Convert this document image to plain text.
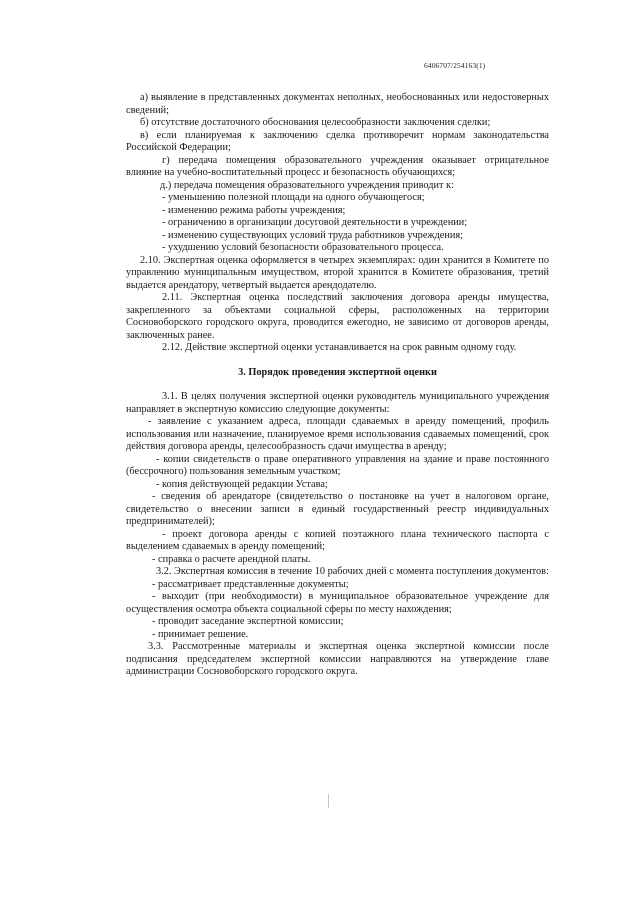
6406707/254163(1)

а) выявление в представленных документах неполных, необоснованных или недостоверных сведений;

б) отсутствие достаточного обоснования целесообразности заключения сделки;

в) если планируемая к заключению сделка противоречит нормам законодательства Российской Федерации;

г) передача помещения образовательного учреждения оказывает отрицательное влияние на учебно-воспитательный процесс и безопасность обучающихся;

д.) передача помещения образовательного учреждения приводит к:

- уменьшению полезной площади на одного обучающегося;

- изменению режима работы учреждения;

- ограничению в организации досуговой деятельности в учреждении;

- изменению существующих условий труда работников учреждения;

- ухудшению условий безопасности образовательного процесса.

2.10. Экспертная оценка оформляется в четырех экземплярах: один хранится в Комитете по управлению муниципальным имуществом, второй хранится в Комитете образования, третий выдается арендатору, четвертый выдается арендодателю.

2.11. Экспертная оценка последствий заключения договора аренды имущества, закрепленного за объектами социальной сферы, расположенных на территории Сосновоборского городского округа, проводится ежегодно, не зависимо от договоров аренды, заключенных ранее.

2.12. Действие экспертной оценки устанавливается на срок равным одному году.

3. Порядок проведения экспертной оценки

3.1. В целях получения экспертной оценки руководитель муниципального учреждения направляет в экспертную комиссию следующие документы:

- заявление с указанием адреса, площади сдаваемых в аренду помещений, профиль использования или назначение, планируемое время использования сдаваемых помещений, срок действия договора аренды, целесообразность сдачи имущества в аренду;

- копии свидетельств о праве оперативного управления на здание и праве постоянного (бессрочного) пользования земельным участком;

- копия действующей редакции Устава;

- сведения об арендаторе (свидетельство о постановке на учет в налоговом органе, свидетельство о внесении записи в единый государственный реестр индивидуальных предпринимателей);

- проект договора аренды с копией поэтажного плана технического паспорта с выделением сдаваемых в аренду помещений;

- справка о расчете арендной платы.

3.2. Экспертная комиссия в течение 10 рабочих дней с момента поступления документов:

- рассматривает представленные документы;

- выходит (при необходимости) в муниципальное образовательное учреждение для осуществления осмотра объекта социальной сферы по месту нахождения;

- проводит заседание экспертной комиссии;

- принимает решение.

3.3. Рассмотренные материалы и экспертная оценка экспертной комиссии после подписания председателем экспертной комиссии направляются на утверждение главе администрации Сосновоборского городского округа.
